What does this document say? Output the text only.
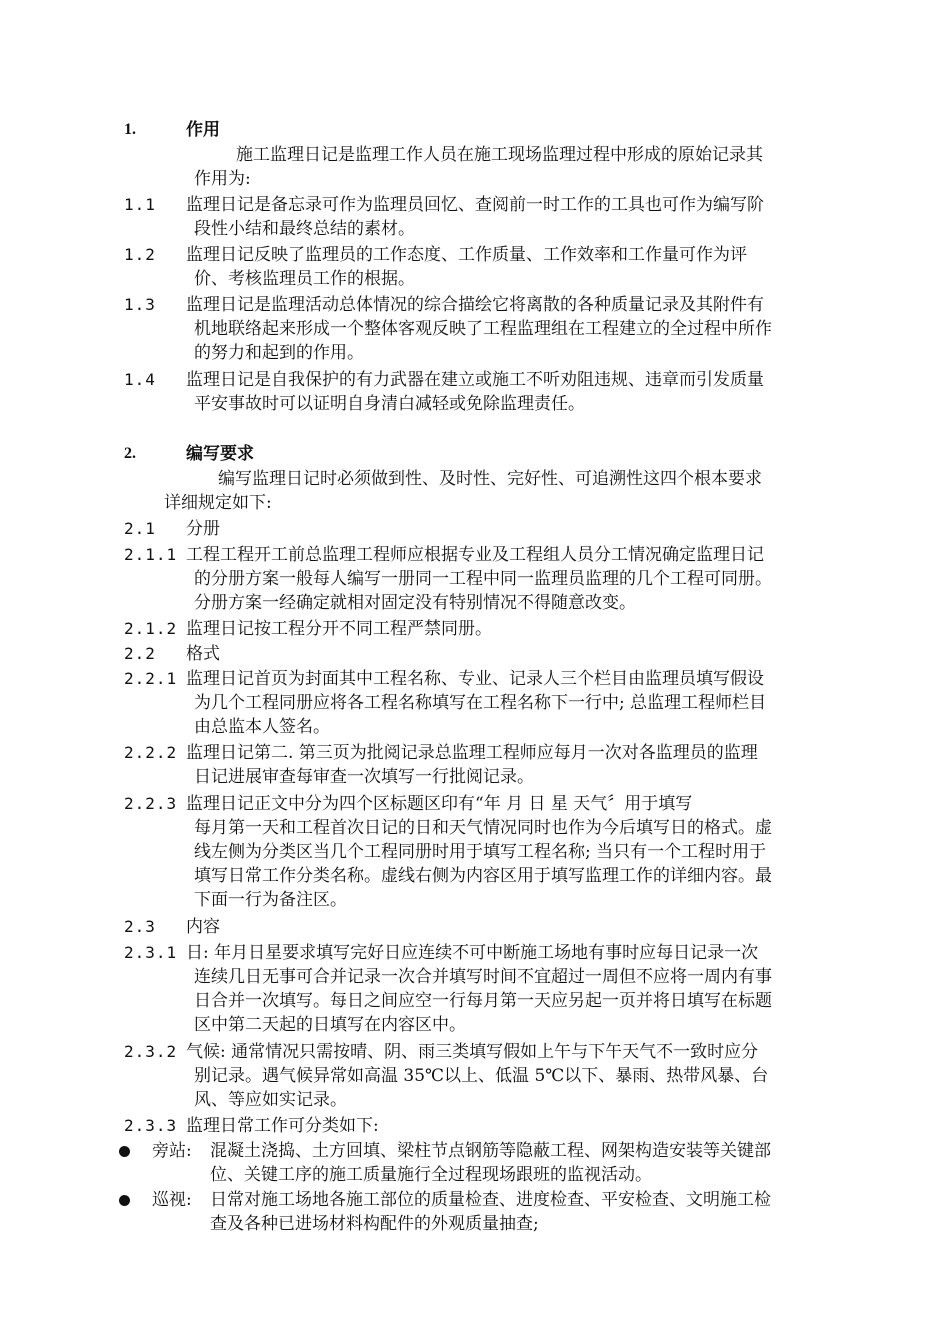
1.	作用
施工监理日记是监理工作人员在施工现场监理过程中形成的原始记录其
作用为:
1.1 监理日记是备忘录可作为监理员回忆、查阅前一时工作的工具也可作为编写阶
段性小结和最终总结的素材。
1.2 监理日记反映了监理员的工作态度、工作质量、工作效率和工作量可作为评
价、考核监理员工作的根据。
1.3 监理日记是监理活动总体情况的综合描绘它将离散的各种质量记录及其附件有
机地联络起来形成一个整体客观反映了工程监理组在工程建立的全过程中所作
的努力和起到的作用。
1.4 监理日记是自我保护的有力武器在建立或施工不听劝阻违规、违章而引发质量
平安事故时可以证明自身清白减轻或免除监理责任。
2.	编写要求
编写监理日记时必须做到性、及时性、完好性、可追溯性这四个根本要求
详细规定如下:
2.1 分册
2.1.1 工程工程开工前总监理工程师应根据专业及工程组人员分工情况确定监理日记
的分册方案一般每人编写一册同一工程中同一监理员监理的几个工程可同册。
分册方案一经确定就相对固定没有特别情况不得随意改变。
2.1.2 监理日记按工程分开不同工程严禁同册。
2.2 格式
2.2.1 监理日记首页为封面其中工程名称、专业、记录人三个栏目由监理员填写假设
为几个工程同册应将各工程名称填写在工程名称下一行中; 总监理工程师栏目
由总监本人签名。
2.2.2 监理日记第二. 第三页为批阅记录总监理工程师应每月一次对各监理员的监理
日记进展审查每审查一次填写一行批阅记录。
2.2.3 监理日记正文中分为四个区标题区印有“年 月 日 星 天气〞用于填写
每月第一天和工程首次日记的日和天气情况同时也作为今后填写日的格式。虚
线左侧为分类区当几个工程同册时用于填写工程名称; 当只有一个工程时用于
填写日常工作分类名称。虚线右侧为内容区用于填写监理工作的详细内容。最
下面一行为备注区。
2.3 内容
2.3.1 日: 年月日星要求填写完好日应连续不可中断施工场地有事时应每日记录一次
连续几日无事可合并记录一次合并填写时间不宜超过一周但不应将一周内有事
日合并一次填写。每日之间应空一行每月第一天应另起一页并将日填写在标题
区中第二天起的日填写在内容区中。
2.3.2 气候: 通常情况只需按晴、阴、雨三类填写假如上午与下午天气不一致时应分
别记录。遇气候异常如高温 35℃以上、低温 5℃以下、暴雨、热带风暴、台
风、等应如实记录。
2.3.3 监理日常工作可分类如下:
旁站: 混凝土浇捣、土方回填、梁柱节点钢筋等隐蔽工程、网架构造安装等关键部
位、关键工序的施工质量施行全过程现场跟班的监视活动。
巡视: 日常对施工场地各施工部位的质量检查、进度检查、平安检查、文明施工检
查及各种已进场材料构配件的外观质量抽查;
